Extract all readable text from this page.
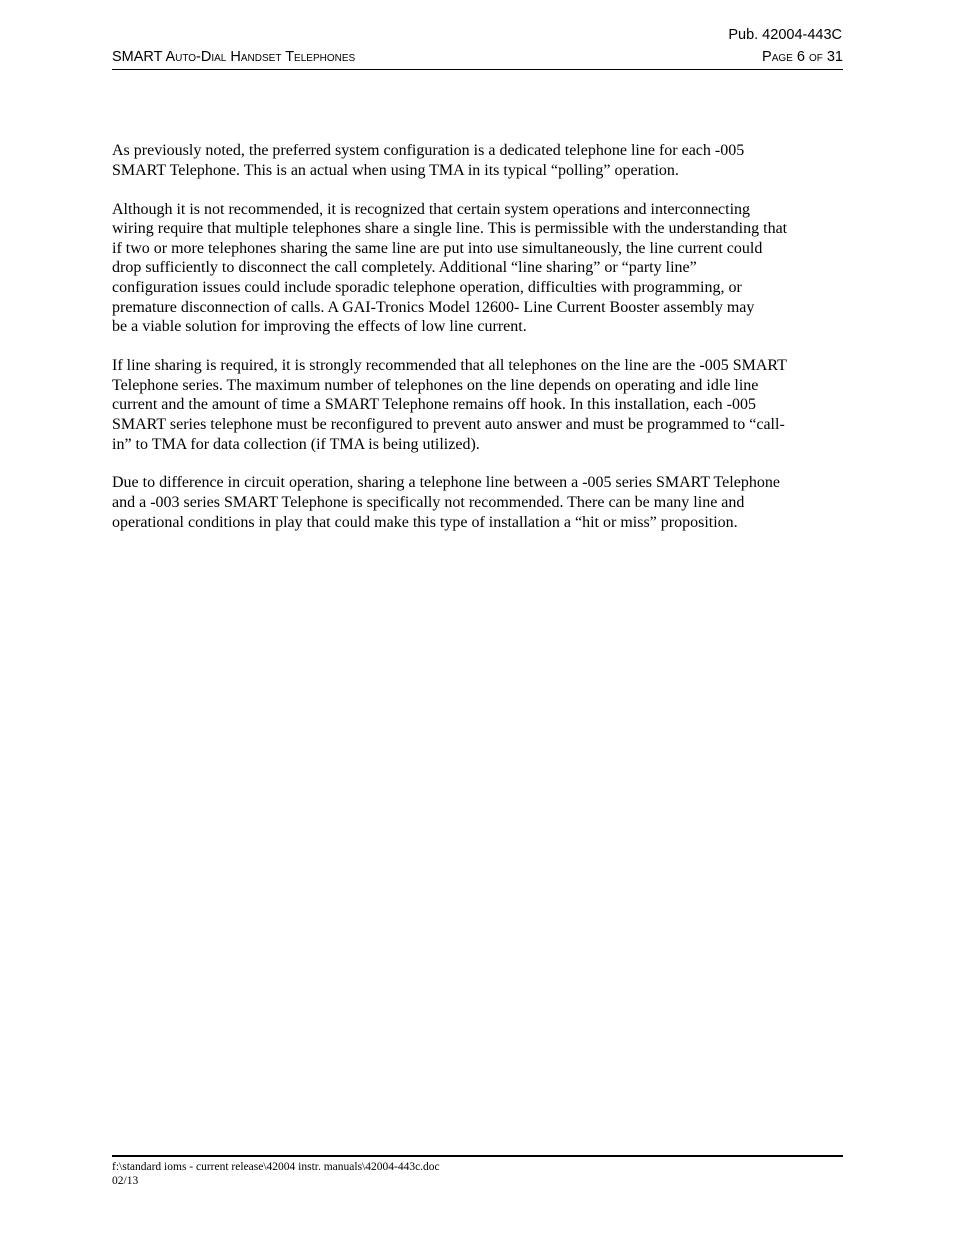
Pub. 42004-443C
SMART Auto-Dial Handset Telephones	Page 6 of 31

As previously noted, the preferred system configuration is a dedicated telephone line for each -005
SMART Telephone. This is an actual when using TMA in its typical “polling” operation.

Although it is not recommended, it is recognized that certain system operations and interconnecting
wiring require that multiple telephones share a single line. This is permissible with the understanding that
if two or more telephones sharing the same line are put into use simultaneously, the line current could
drop sufficiently to disconnect the call completely. Additional “line sharing” or “party line”
configuration issues could include sporadic telephone operation, difficulties with programming, or
premature disconnection of calls. A GAI-Tronics Model 12600- Line Current Booster assembly may
be a viable solution for improving the effects of low line current.

If line sharing is required, it is strongly recommended that all telephones on the line are the -005 SMART
Telephone series. The maximum number of telephones on the line depends on operating and idle line
current and the amount of time a SMART Telephone remains off hook. In this installation, each -005
SMART series telephone must be reconfigured to prevent auto answer and must be programmed to “call-
in” to TMA for data collection (if TMA is being utilized).

Due to difference in circuit operation, sharing a telephone line between a -005 series SMART Telephone
and a -003 series SMART Telephone is specifically not recommended. There can be many line and
operational conditions in play that could make this type of installation a “hit or miss” proposition.

f:\standard ioms - current release\42004 instr. manuals\42004-443c.doc
02/13
